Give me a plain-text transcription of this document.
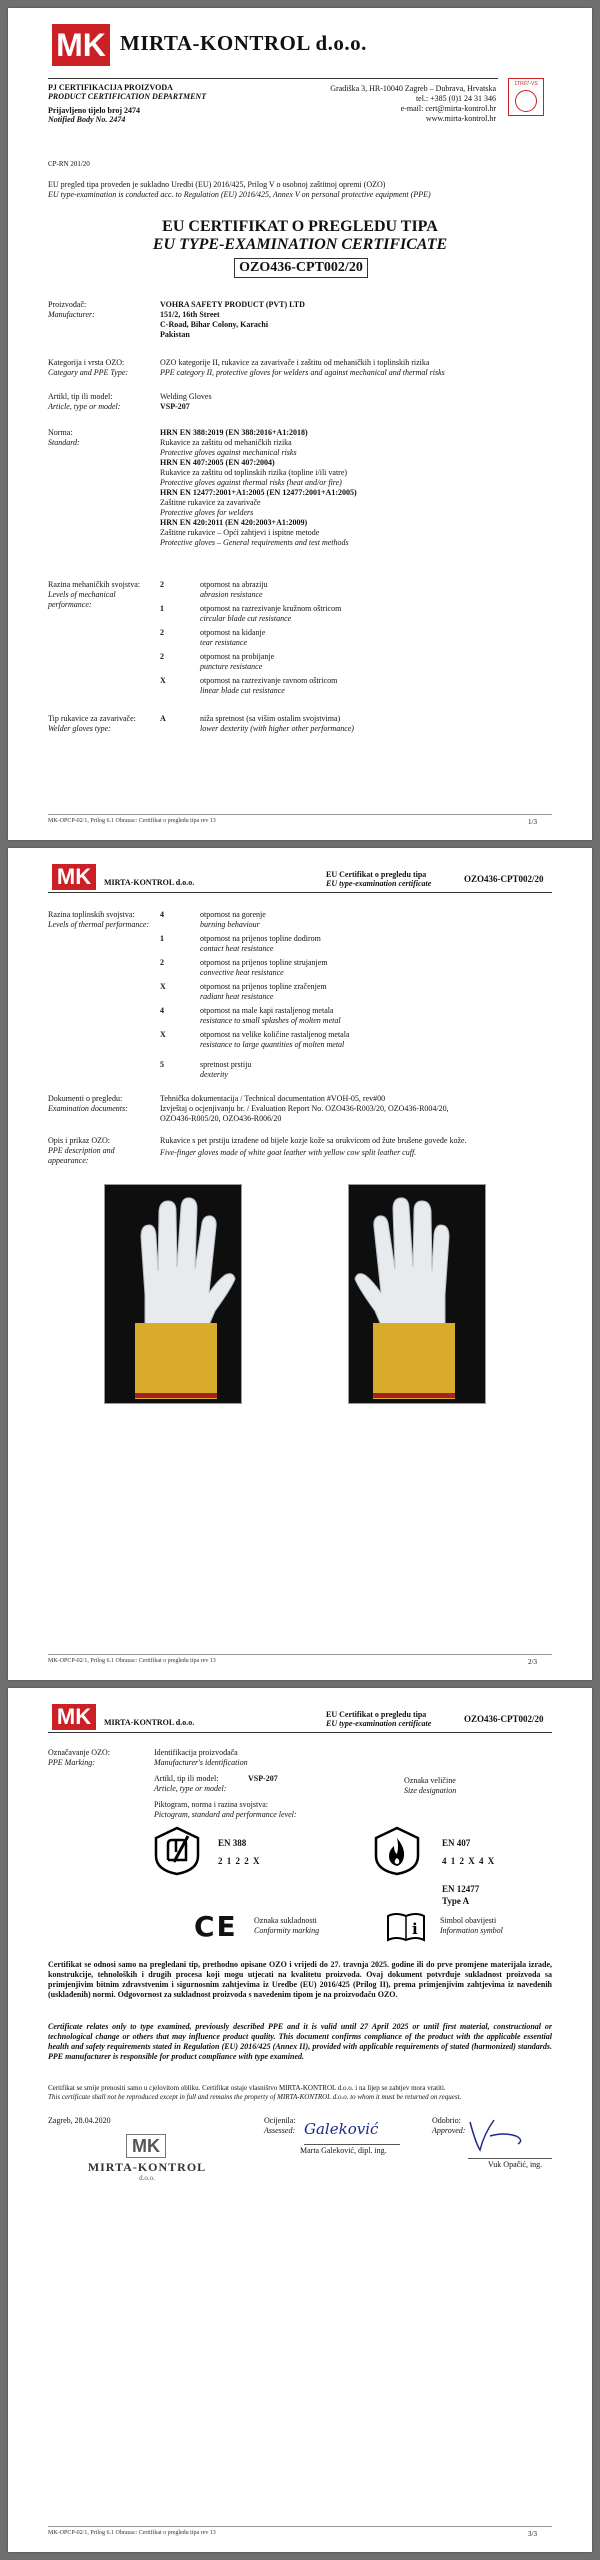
MK MIRTA-KONTROL d.o.o.
1TR07-VS
PJ CERTIFIKACIJA PROIZVODA
PRODUCT CERTIFICATION DEPARTMENT
Prijavljeno tijelo broj 2474
Notified Body No. 2474
Gradiška 3, HR-10040 Zagreb – Dubrava, Hrvatska
tel.: +385 (0)1 24 31 346
e-mail: cert@mirta-kontrol.hr
www.mirta-kontrol.hr
CP-RN 201/20
EU pregled tipa proveden je sukladno Uredbi (EU) 2016/425, Prilog V o osobnoj zaštitnoj opremi (OZO)
EU type-examination is conducted acc. to Regulation (EU) 2016/425, Annex V on personal protective equipment (PPE)
EU CERTIFIKAT O PREGLEDU TIPA
EU TYPE-EXAMINATION CERTIFICATE
OZO436-CPT002/20
Proizvođač:
Manufacturer:
VOHRA SAFETY PRODUCT (PVT) LTD
151/2, 16th Street
C-Road, Bihar Colony, Karachi
Pakistan
Kategorija i vrsta OZO:
Category and PPE Type:
OZO kategorije II, rukavice za zavarivače i zaštitu od mehaničkih i toplinskih rizika
PPE category II, protective gloves for welders and against mechanical and thermal risks
Artikl, tip ili model:
Article, type or model:
Welding Gloves
VSP-207
Norma:
Standard:
HRN EN 388:2019 (EN 388:2016+A1:2018)
Rukavice za zaštitu od mehaničkih rizika
Protective gloves against mechanical risks
HRN EN 407:2005 (EN 407:2004)
Rukavice za zaštitu od toplinskih rizika (topline i/ili vatre)
Protective gloves against thermal risks (heat and/or fire)
HRN EN 12477:2001+A1:2005 (EN 12477:2001+A1:2005)
Zaštitne rukavice za zavarivače
Protective gloves for welders
HRN EN 420:2011 (EN 420:2003+A1:2009)
Zaštitne rukavice – Opći zahtjevi i ispitne metode
Protective gloves – General requirements and test methods
Razina mehaničkih svojstva:
Levels of mechanical performance:
2	otpornost na abraziju
abrasion resistance
1	otpornost na razrezivanje kružnom oštricom
circular blade cut resistance
2	otpornost na kidanje
tear resistance
2	otpornost na probijanje
puncture resistance
X	otpornost na razrezivanje ravnom oštricom
linear blade cut resistance
Tip rukavice za zavarivače:
Welder gloves type:
A	niža spretnost (sa višim ostalim svojstvima)
lower dexterity (with higher other performance)
MK-OPCP-02/1, Prilog 6.1 Obrazac: Certifikat o pregledu tipa rev 13	1/3
MK	MIRTA-KONTROL d.o.o.
EU Certifikat o pregledu tipa
EU type-examination certificate	OZO436-CPT002/20
Razina toplinskih svojstva:
Levels of thermal performance:
4	otpornost na gorenje
burning behaviour
1	otpornost na prijenos topline dodirom
contact heat resistance
2	otpornost na prijenos topline strujanjem
convective heat resistance
X	otpornost na prijenos topline zračenjem
radiant heat resistance
4	otpornost na male kapi rastaljenog metala
resistance to small splashes of molten metal
X	otpornost na velike količine rastaljenog metala
resistance to large quantities of molten metal
5	spretnost prstiju
dexterity
Dokumenti o pregledu:
Examination documents:
Tehnička dokumentacija / Technical documentation #VOH-05, rev#00
Izvještaj o ocjenjivanju br. / Evaluation Report No. OZO436-R003/20, OZO436-R004/20,
OZO436-R005/20, OZO436-R006/20
Opis i prikaz OZO:
PPE description and appearance:
Rukavice s pet prstiju izrađene od bijele kozje kože sa orukvicom od žute brušene goveđe kože.
Five-finger gloves made of white goat leather with yellow cow split leather cuff.
MK-OPCP-02/1, Prilog 6.1 Obrazac: Certifikat o pregledu tipa rev 13	2/3
MK	MIRTA-KONTROL d.o.o.
EU Certifikat o pregledu tipa
EU type-examination certificate	OZO436-CPT002/20
Označavanje OZO:
PPE Marking:
Identifikacija proizvođača
Manufacturer's identification
Artikl, tip ili model:	VSP-207
Article, type or model:
Oznaka veličine
Size designation
Piktogram, norma i razina svojstva:
Pictogram, standard and performance level:
EN 388
2 1 2 2 X
EN 407
4 1 2 X 4 X
EN 12477
Type A
CE Oznaka sukladnosti
Conformity marking	i	Simbol obavijesti
Information symbol
Certifikat se odnosi samo na pregledani tip, prethodno opisane OZO i vrijedi do 27. travnja 2025. godine ili do prve promjene materijala izrade, konstrukcije, tehnoloških i drugih procesa koji mogu utjecati na kvalitetu proizvoda. Ovaj dokument potvrđuje sukladnost proizvoda sa primjenjivim bitnim zdravstvenim i sigurnosnim zahtjevima iz Uredbe (EU) 2016/425 (Prilog II), prema primjenjivim zahtjevima iz navedenih (usklađenih) normi. Odgovornost za sukladnost proizvoda s navedenim tipom je na proizvođaču OZO.
Certificate relates only to type examined, previously described PPE and it is valid until 27 April 2025 or until first material, constructional or technological change or others that may influence product quality. This document confirms compliance of the product with the applicable essential health and safety requirements stated in Regulation (EU) 2016/425 (Annex II), provided with applicable requirements of stated (harmonized) standards. PPE manufacturer is responsible for product compliance with type examined.
Certifikat se smije prenositi samo u cjelovitom obliku. Certifikat ostaje vlasništvo MIRTA-KONTROL d.o.o. i na lijep se zahtjev mora vratiti.
This certificate shall not be reproduced except in full and remains the property of MIRTA-KONTROL d.o.o. to whom it must be returned on request.
Zagreb, 28.04.2020
MK
MIRTA-KONTROL
d.o.o.
Ocijenila:
Assessed: Galeković
Marta Galeković, dipl. ing.
Odobrio:
Approved:
Vuk Opačić, ing.
MK-OPCP-02/1, Prilog 6.1 Obrazac: Certifikat o pregledu tipa rev 13	3/3
